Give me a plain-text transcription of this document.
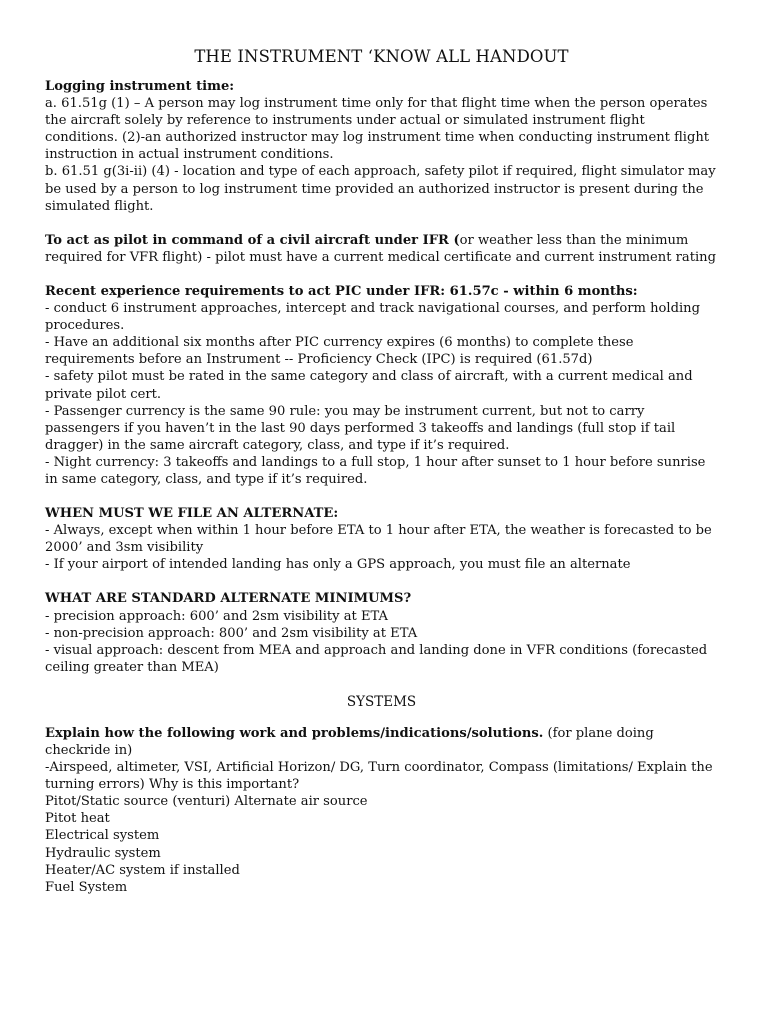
THE INSTRUMENT ‘KNOW ALL HANDOUT

Logging instrument time:

a. 61.51g (1) – A person may log instrument time only for that flight time when the person operates the aircraft solely by reference to instruments under actual or simulated instrument flight conditions. (2)-an authorized instructor may log instrument time when conducting instrument flight instruction in actual instrument conditions.

b. 61.51 g(3i-ii) (4) - location and type of each approach, safety pilot if required, flight simulator may be used by a person to log instrument time provided an authorized instructor is present during the simulated flight.

To act as pilot in command of a civil aircraft under IFR (or weather less than the minimum required for VFR flight) - pilot must have a current medical certificate and current instrument rating

Recent experience requirements to act PIC under IFR: 61.57c - within 6 months:

- conduct 6 instrument approaches, intercept and track navigational courses, and perform holding procedures.

- Have an additional six months after PIC currency expires (6 months) to complete these requirements before an Instrument -- Proficiency Check (IPC) is required (61.57d)

- safety pilot must be rated in the same category and class of aircraft, with a current medical and private pilot cert.

- Passenger currency is the same 90 rule: you may be instrument current, but not to carry passengers if you haven’t in the last 90 days performed 3 takeoffs and landings (full stop if tail dragger) in the same aircraft category, class, and type if it’s required.

- Night currency: 3 takeoffs and landings to a full stop, 1 hour after sunset to 1 hour before sunrise in same category, class, and type if it’s required.

WHEN MUST WE FILE AN ALTERNATE:

- Always, except when within 1 hour before ETA to 1 hour after ETA, the weather is forecasted to be 2000’ and 3sm visibility

- If your airport of intended landing has only a GPS approach, you must file an alternate

WHAT ARE STANDARD ALTERNATE MINIMUMS?

- precision approach: 600’ and 2sm visibility at ETA

- non-precision approach: 800’ and 2sm visibility at ETA

- visual approach: descent from MEA and approach and landing done in VFR conditions (forecasted ceiling greater than MEA)

SYSTEMS

Explain how the following work and problems/indications/solutions. (for plane doing checkride in)

-Airspeed, altimeter, VSI, Artificial Horizon/ DG, Turn coordinator, Compass (limitations/ Explain the turning errors) Why is this important?

Pitot/Static source (venturi) Alternate air source

Pitot heat

Electrical system

Hydraulic system

Heater/AC system if installed

Fuel System
